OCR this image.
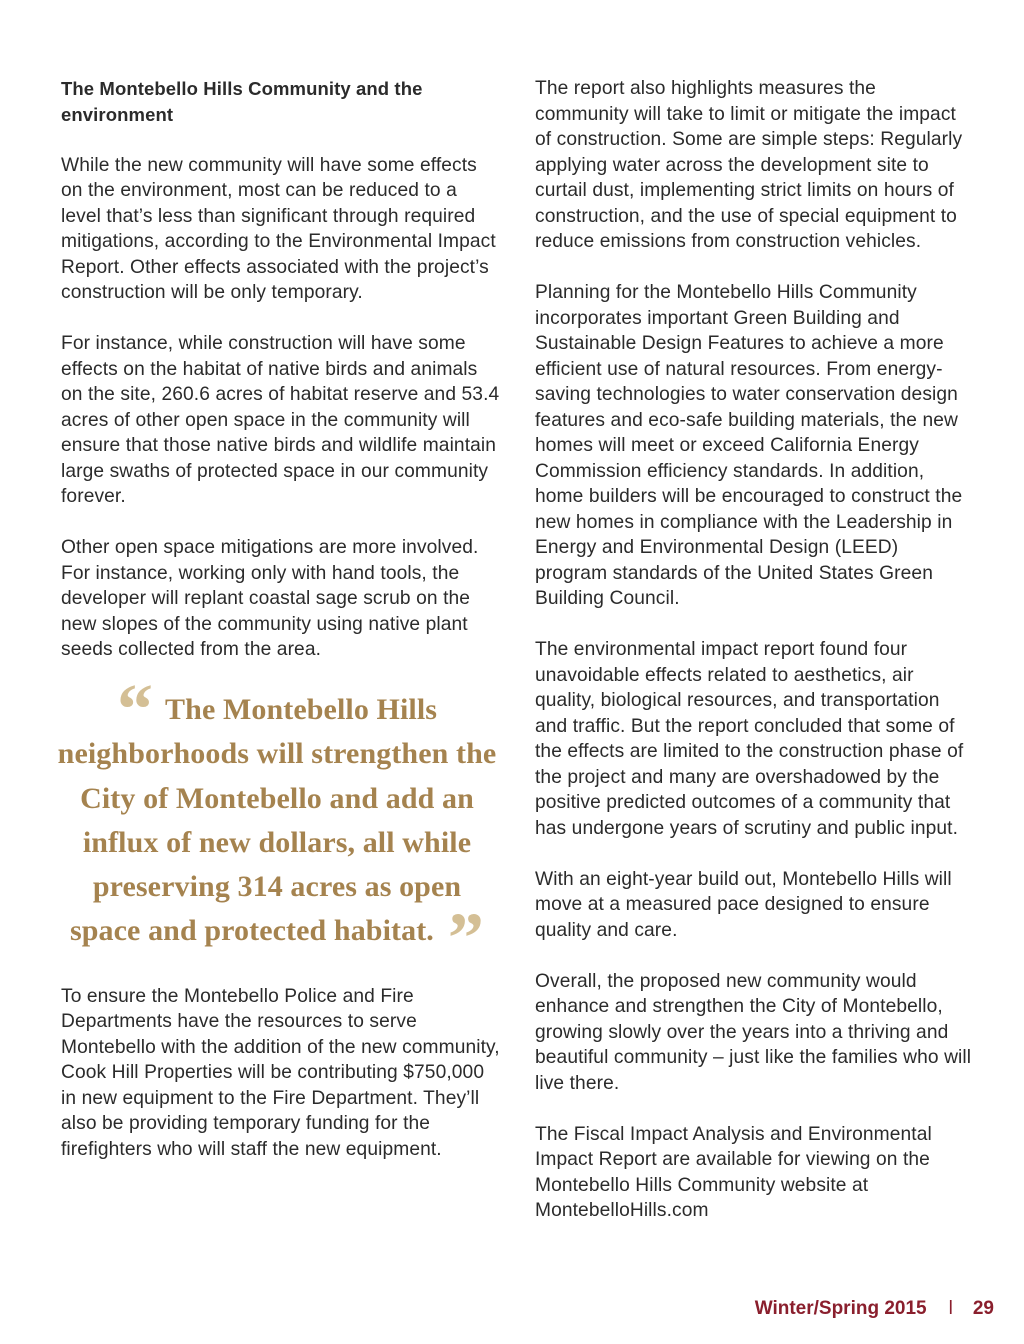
The Montebello Hills Community and the environment

While the new community will have some effects on the environment, most can be reduced to a level that’s less than significant through required mitigations, according to the Environmental Impact Report. Other effects associated with the project’s construction will be only temporary.

For instance, while construction will have some effects on the habitat of native birds and animals on the site, 260.6 acres of habitat reserve and 53.4 acres of other open space in the community will ensure that those native birds and wildlife maintain large swaths of protected space in our community forever.

Other open space mitigations are more involved. For instance, working only with hand tools, the developer will replant coastal sage scrub on the new slopes of the community using native plant seeds collected from the area.

“ The Montebello Hills neighborhoods will strengthen the City of Montebello and add an influx of new dollars, all while preserving 314 acres as open space and protected habitat. ”

To ensure the Montebello Police and Fire Departments have the resources to serve Montebello with the addition of the new community, Cook Hill Properties will be contributing $750,000 in new equipment to the Fire Department. They’ll also be providing temporary funding for the firefighters who will staff the new equipment.

The report also highlights measures the community will take to limit or mitigate the impact of construction. Some are simple steps: Regularly applying water across the development site to curtail dust, implementing strict limits on hours of construction, and the use of special equipment to reduce emissions from construction vehicles.

Planning for the Montebello Hills Community incorporates important Green Building and Sustainable Design Features to achieve a more efficient use of natural resources. From energy-saving technologies to water conservation design features and eco-safe building materials, the new homes will meet or exceed California Energy Commission efficiency standards. In addition, home builders will be encouraged to construct the new homes in compliance with the Leadership in Energy and Environmental Design (LEED) program standards of the United States Green Building Council.

The environmental impact report found four unavoidable effects related to aesthetics, air quality, biological resources, and transportation and traffic. But the report concluded that some of the effects are limited to the construction phase of the project and many are overshadowed by the positive predicted outcomes of a community that has undergone years of scrutiny and public input.

With an eight-year build out, Montebello Hills will move at a measured pace designed to ensure quality and care.

Overall, the proposed new community would enhance and strengthen the City of Montebello, growing slowly over the years into a thriving and beautiful community – just like the families who will live there.

The Fiscal Impact Analysis and Environmental Impact Report are available for viewing on the Montebello Hills Community website at MontebelloHills.com

Winter/Spring 2015 l 29
